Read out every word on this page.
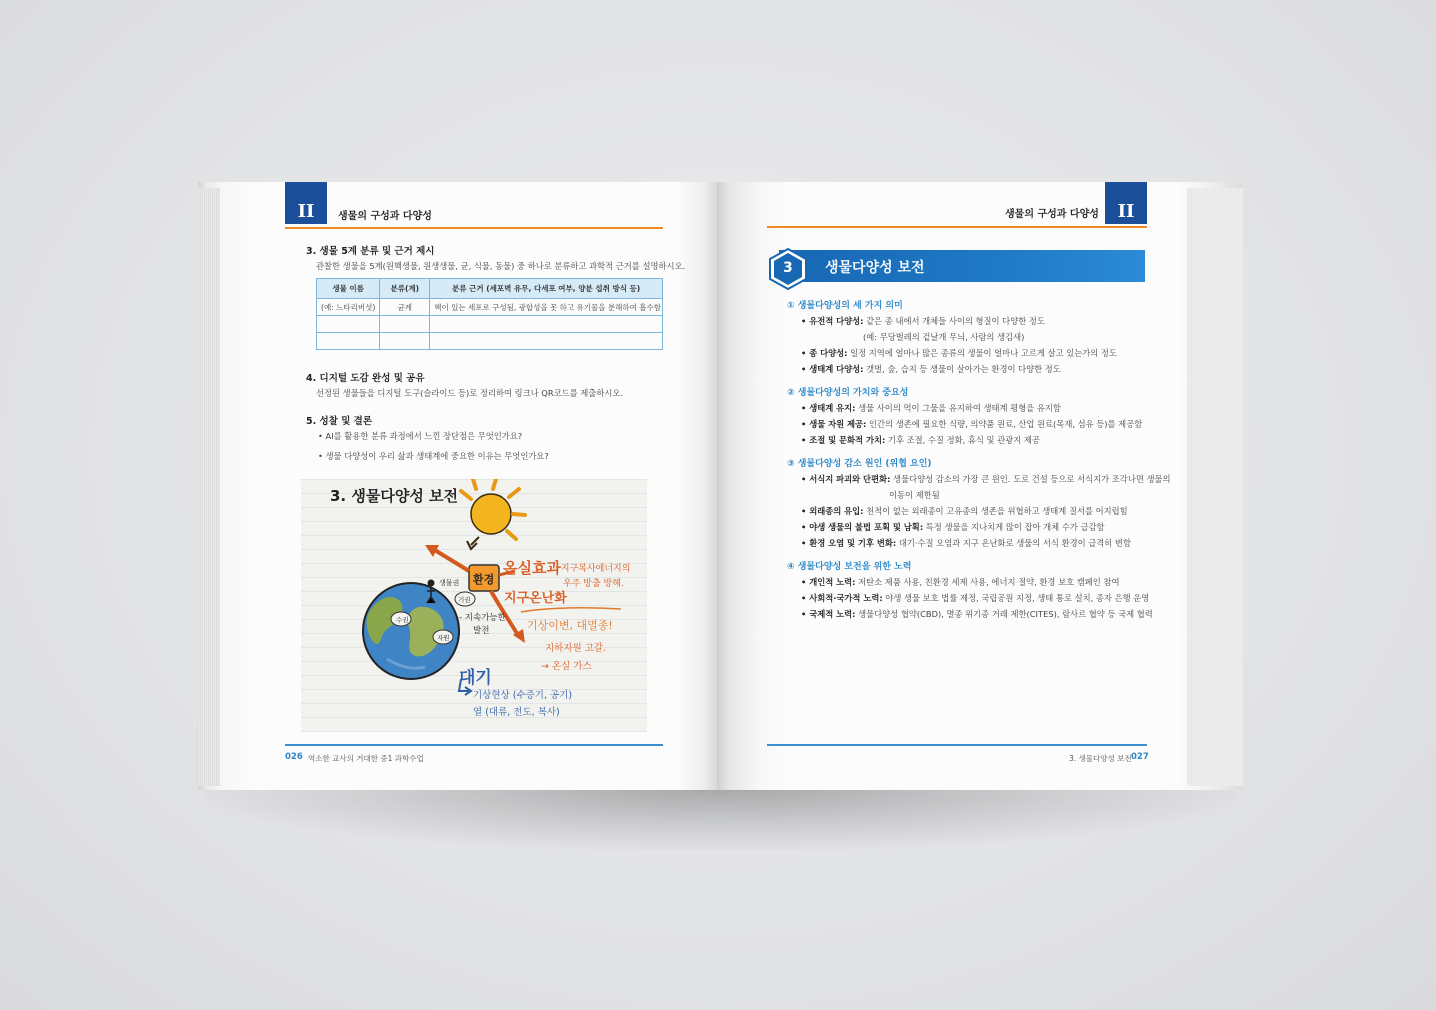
II	생물의 구성과 다양성
3. 생물 5계 분류 및 근거 제시
관찰한 생물을 5계(원핵생물, 원생생물, 균, 식물, 동물) 중 하나로 분류하고 과학적 근거를 설명하시오.
생물 이름	분류(계)	분류 근거 (세포벽 유무, 다세포 여부, 양분 섭취 방식 등)
(예: 느타리버섯)	균계	핵이 있는 세포로 구성됨, 광합성을 못 하고 유기물을 분해하여 흡수함

4. 디지털 도감 완성 및 공유
선정된 생물들을 디지털 도구(슬라이드 등)로 정리하여 링크나 QR코드를 제출하시오.
5. 성찰 및 결론
• AI를 활용한 분류 과정에서 느낀 장단점은 무엇인가요?
• 생물 다양성이 우리 삶과 생태계에 중요한 이유는 무엇인가요?
3. 생물다양성 보전
환경
생물권
기권
수권
자원
온실효과
: 지구복사에너지의
우주 방출 방해.
지구온난화
- 지속가능한
발전	기상이변, 대멸종!
지하자원 고갈.
→ 온실 가스
대기
기상현상 (수증기, 공기)
열 (대류, 전도, 복사)
026 역소한 교사의 거대한 중1 과학수업
II
생물의 구성과 다양성
3 생물다양성 보전
① 생물다양성의 세 가지 의미
• 유전적 다양성: 같은 종 내에서 개체들 사이의 형질이 다양한 정도
(예: 무당벌레의 겉날개 무늬, 사람의 생김새)
• 종 다양성: 일정 지역에 얼마나 많은 종류의 생물이 얼마나 고르게 살고 있는가의 정도
• 생태계 다양성: 갯벌, 숲, 습지 등 생물이 살아가는 환경이 다양한 정도
② 생물다양성의 가치와 중요성
• 생태계 유지: 생물 사이의 먹이 그물을 유지하여 생태계 평형을 유지함
• 생물 자원 제공: 인간의 생존에 필요한 식량, 의약품 원료, 산업 원료(목재, 섬유 등)를 제공함
• 조절 및 문화적 가치: 기후 조절, 수질 정화, 휴식 및 관광지 제공
③ 생물다양성 감소 원인 (위협 요인)
• 서식지 파괴와 단편화: 생물다양성 감소의 가장 큰 원인. 도로 건설 등으로 서식지가 조각나면 생물의
이동이 제한됨
• 외래종의 유입: 천적이 없는 외래종이 고유종의 생존을 위협하고 생태계 질서를 어지럽힘
• 야생 생물의 불법 포획 및 남획: 특정 생물을 지나치게 많이 잡아 개체 수가 급감함
• 환경 오염 및 기후 변화: 대기·수질 오염과 지구 온난화로 생물의 서식 환경이 급격히 변함
④ 생물다양성 보전을 위한 노력
• 개인적 노력: 저탄소 제품 사용, 친환경 세제 사용, 에너지 절약, 환경 보호 캠페인 참여
• 사회적·국가적 노력: 야생 생물 보호 법률 제정, 국립공원 지정, 생태 통로 설치, 종자 은행 운영
• 국제적 노력: 생물다양성 협약(CBD), 멸종 위기종 거래 제한(CITES), 람사르 협약 등 국제 협력
3. 생물다양성 보전 027
